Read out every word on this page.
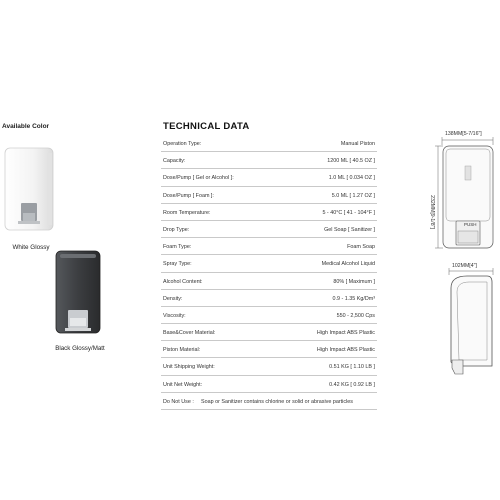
Available Color
White Glossy
Black Glossy/Matt
TECHNICAL DATA
Operation Type:	Manual Piston
Capacity:	1200 ML [ 40.5 OZ ]
Dose/Pump [ Gel or Alcohol ]:	1.0 ML [ 0.034 OZ ]
Dose/Pump [ Foam ]:	5.0 ML [ 1.27 OZ ]
Room Temperature:	5 - 40°C [ 41 - 104°F ]
Drop Type:	Gel Soap [ Sanitizer ]
Foam Type:	Foam Soap
Spray Type:	Medical Alcohol Liquid
Alcohol Content:	80% [ Maximum ]
Density:	0.9 - 1.35 Kg/Dm³
Viscosity:	550 - 2,500 Cps
Base&Cover Material:	High Impact ABS Plastic
Piston Material:	High Impact ABS Plastic
Unit Shipping Weight:	0.51 KG [ 1.10 LB ]
Unit Net Weight:	0.42 KG [ 0.92 LB ]
Do Not Use : Soap or Sanitizer contains chlorine or solid or abrasive particles
138MM[5-7/16"]
232MM[9-1/8"]	PUSH
102MM[4"]
